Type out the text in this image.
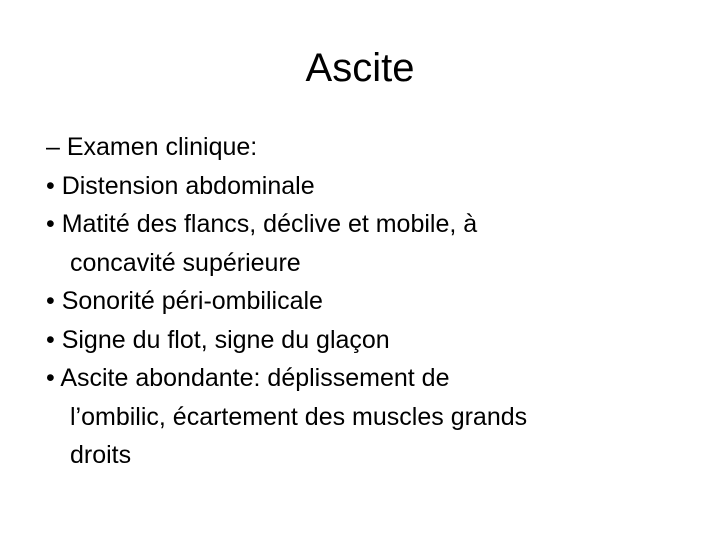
Ascite
– Examen clinique:
• Distension abdominale
• Matité des flancs, déclive et mobile, à
concavité supérieure
• Sonorité péri-ombilicale
• Signe du flot, signe du glaçon
• Ascite abondante: déplissement de
l’ombilic, écartement des muscles grands
droits
